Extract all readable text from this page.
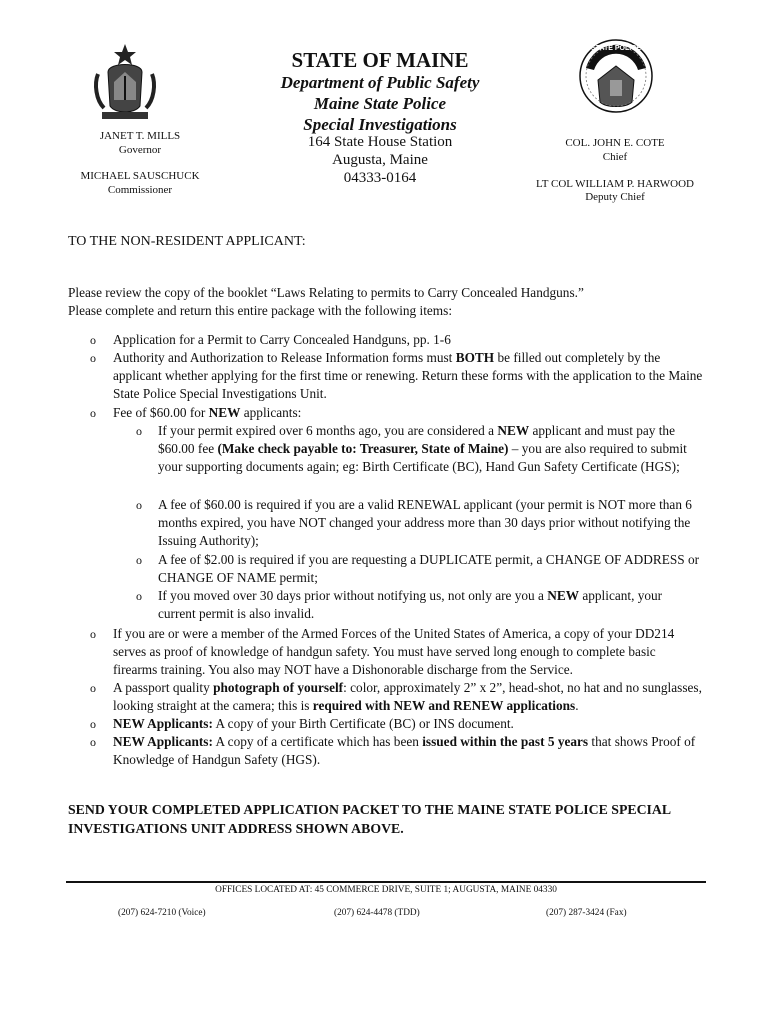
STATE POLICE
STATE OF MAINE
Department of Public Safety
Maine State Police
Special Investigations
164 State House Station
Augusta, Maine
04333-0164
JANET T. MILLS
Governor
MICHAEL SAUSCHUCK
Commissioner
COL. JOHN E. COTE
Chief
LT COL WILLIAM P. HARWOOD
Deputy Chief
TO THE NON-RESIDENT APPLICANT:

Please review the copy of the booklet “Laws Relating to permits to Carry Concealed Handguns.”

Please complete and return this entire package with the following items:

o Application for a Permit to Carry Concealed Handguns, pp. 1-6
o Authority and Authorization to Release Information forms must BOTH be filled out completely by the applicant whether applying for the first time or renewing. Return these forms with the application to the Maine State Police Special Investigations Unit.
o Fee of $60.00 for NEW applicants:
o If your permit expired over 6 months ago, you are considered a NEW applicant and must pay the $60.00 fee (Make check payable to: Treasurer, State of Maine) – you are also required to submit your supporting documents again; eg: Birth Certificate (BC), Hand Gun Safety Certificate (HGS);
o A fee of $60.00 is required if you are a valid RENEWAL applicant (your permit is NOT more than 6 months expired, you have NOT changed your address more than 30 days prior without notifying the Issuing Authority);
o A fee of $2.00 is required if you are requesting a DUPLICATE permit, a CHANGE OF ADDRESS or CHANGE OF NAME permit;
o If you moved over 30 days prior without notifying us, not only are you a NEW applicant, your current permit is also invalid.
o If you are or were a member of the Armed Forces of the United States of America, a copy of your DD214 serves as proof of knowledge of handgun safety. You must have served long enough to complete basic firearms training. You also may NOT have a Dishonorable discharge from the Service.
o A passport quality photograph of yourself: color, approximately 2” x 2”, head-shot, no hat and no sunglasses, looking straight at the camera; this is required with NEW and RENEW applications.
o NEW Applicants: A copy of your Birth Certificate (BC) or INS document.
o NEW Applicants: A copy of a certificate which has been issued within the past 5 years that shows Proof of Knowledge of Handgun Safety (HGS).
SEND YOUR COMPLETED APPLICATION PACKET TO THE MAINE STATE POLICE SPECIAL INVESTIGATIONS UNIT ADDRESS SHOWN ABOVE.
OFFICES LOCATED AT: 45 COMMERCE DRIVE, SUITE 1; AUGUSTA, MAINE 04330
(207) 624-7210 (Voice)	(207) 624-4478 (TDD)	(207) 287-3424 (Fax)
